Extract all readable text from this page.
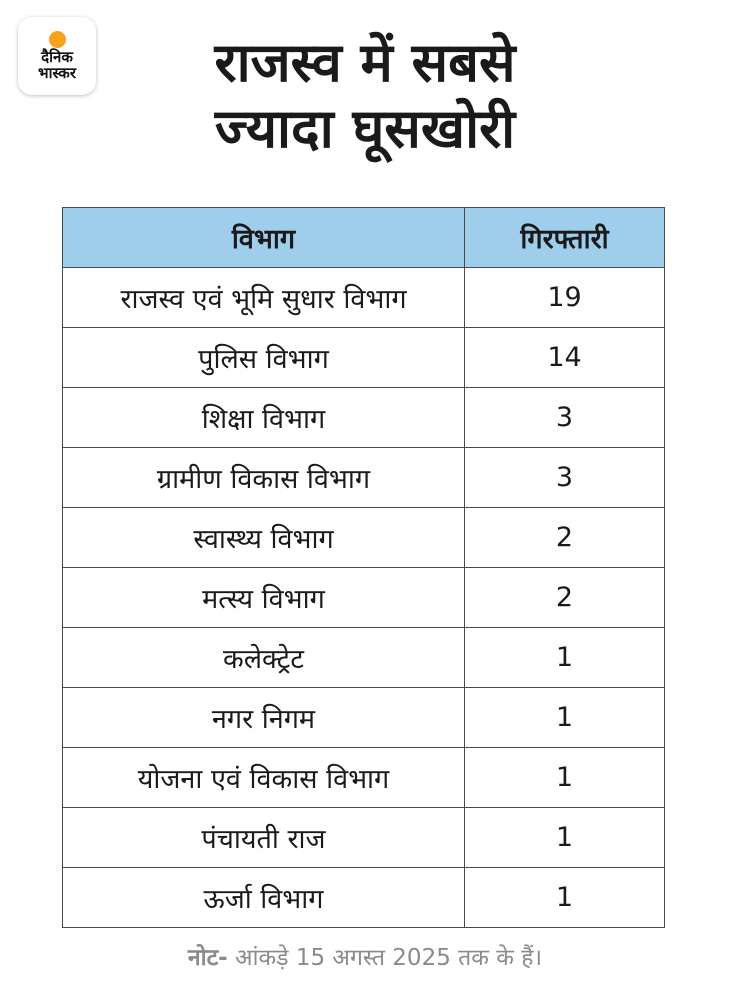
दैनिक
भास्कर	राजस्व में सबसे
ज्यादा घूसखोरी
विभाग	गिरफ्तारी
राजस्व एवं भूमि सुधार विभाग	19
पुलिस विभाग	14
शिक्षा विभाग	3
ग्रामीण विकास विभाग	3
स्वास्थ्य विभाग	2
मत्स्य विभाग	2
कलेक्ट्रेट	1
नगर निगम	1
योजना एवं विकास विभाग	1
पंचायती राज	1
ऊर्जा विभाग	1
नोट- आंकड़े 15 अगस्त 2025 तक के हैं।
